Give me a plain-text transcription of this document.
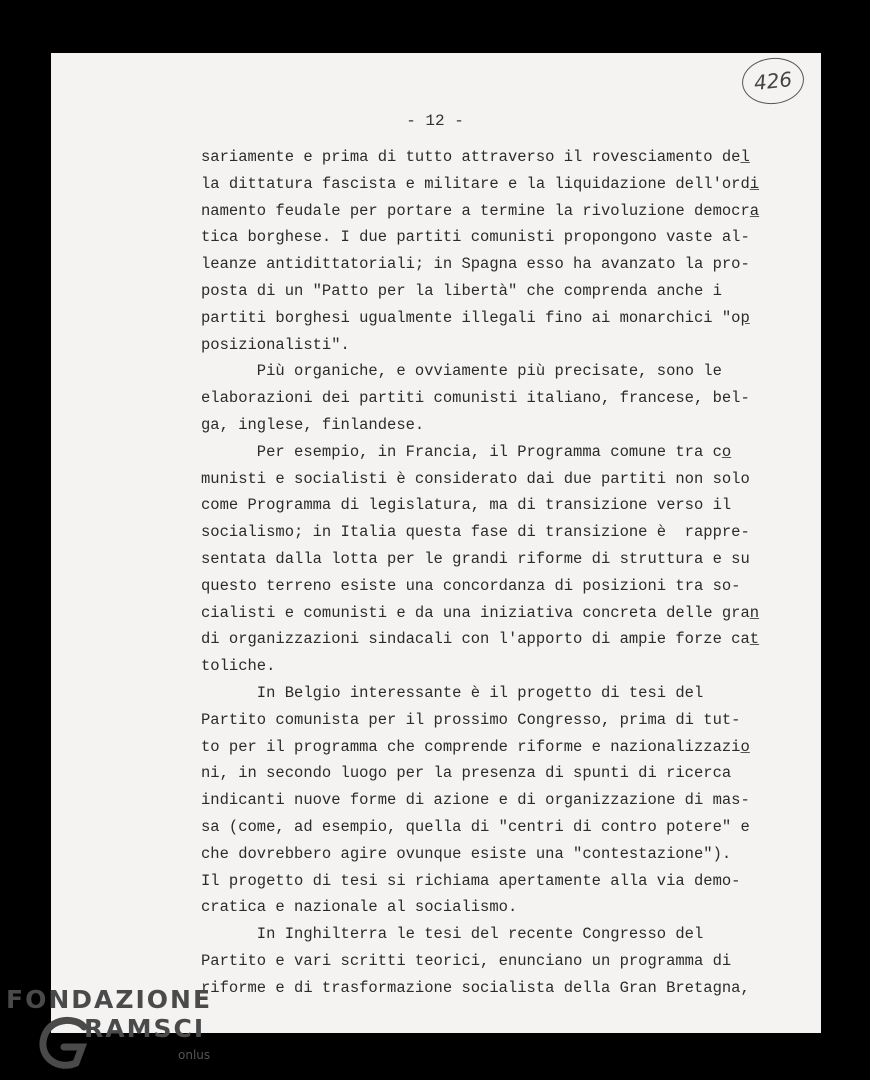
426
- 12 -
sariamente e prima di tutto attraverso il rovesciamento del
la dittatura fascista e militare e la liquidazione dell'ordi
namento feudale per portare a termine la rivoluzione democra
tica borghese. I due partiti comunisti propongono vaste al-
leanze antidittatoriali; in Spagna esso ha avanzato la pro-
posta di un "Patto per la libertà" che comprenda anche i
partiti borghesi ugualmente illegali fino ai monarchici "op
posizionalisti".
Più organiche, e ovviamente più precisate, sono le
elaborazioni dei partiti comunisti italiano, francese, bel-
ga, inglese, finlandese.
Per esempio, in Francia, il Programma comune tra co
munisti e socialisti è considerato dai due partiti non solo
come Programma di legislatura, ma di transizione verso il
socialismo; in Italia questa fase di transizione è  rappre-
sentata dalla lotta per le grandi riforme di struttura e su
questo terreno esiste una concordanza di posizioni tra so-
cialisti e comunisti e da una iniziativa concreta delle gran
di organizzazioni sindacali con l'apporto di ampie forze cat
toliche.
In Belgio interessante è il progetto di tesi del
Partito comunista per il prossimo Congresso, prima di tut-
to per il programma che comprende riforme e nazionalizzazio
ni, in secondo luogo per la presenza di spunti di ricerca
indicanti nuove forme di azione e di organizzazione di mas-
sa (come, ad esempio, quella di "centri di contro potere" e
che dovrebbero agire ovunque esiste una "contestazione").
Il progetto di tesi si richiama apertamente alla via demo-
cratica e nazionale al socialismo.
In Inghilterra le tesi del recente Congresso del
Partito e vari scritti teorici, enunciano un programma di
riforme e di trasformazione socialista della Gran Bretagna,
FONDAZIONE
RAMSCI
onlus
